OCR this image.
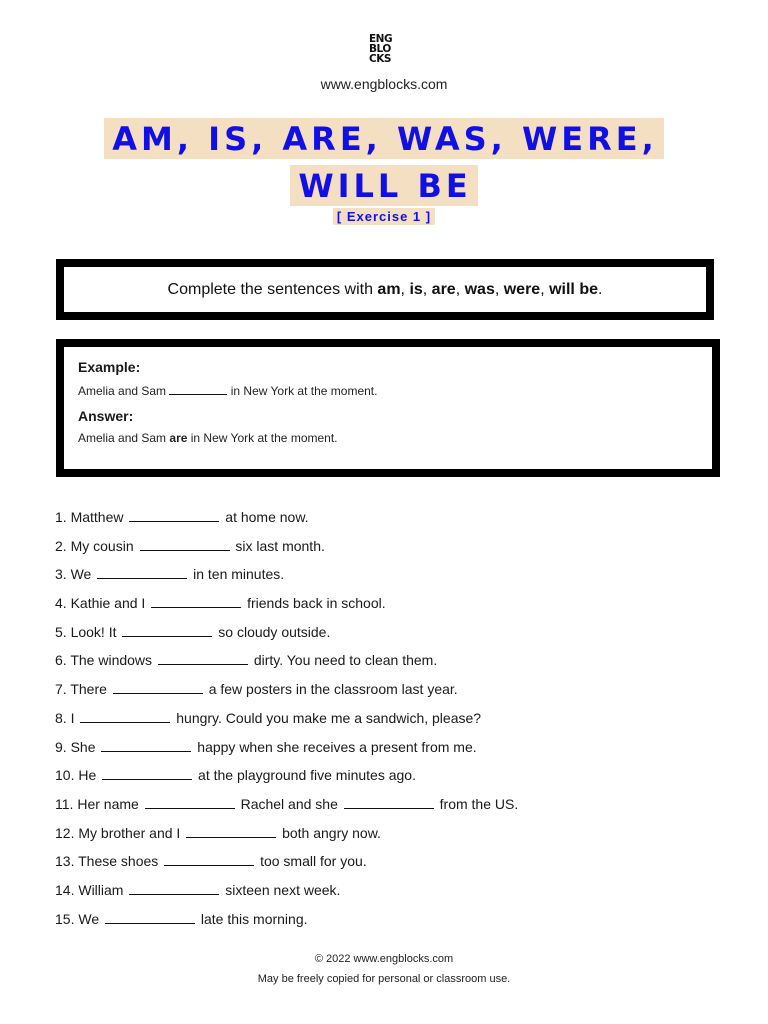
ENG
BLO
CKS
www.engblocks.com
AM, IS, ARE, WAS, WERE,
WILL BE
[ Exercise 1 ]
Complete the sentences with am, is, are, was, were, will be.

Example:

Amelia and Sam	in New York at the moment.

Answer:

Amelia and Sam are in New York at the moment.

1. Matthew	at home now.
2. My cousin	six last month.
3. We	in ten minutes.
4. Kathie and I	friends back in school.
5. Look! It	so cloudy outside.
6. The windows	dirty. You need to clean them.
7. There	a few posters in the classroom last year.
8. I	hungry. Could you make me a sandwich, please?
9. She	happy when she receives a present from me.
10. He	at the playground five minutes ago.
11. Her name	Rachel and she	from the US.
12. My brother and I	both angry now.
13. These shoes	too small for you.
14. William	sixteen next week.
15. We	late this morning.
© 2022 www.engblocks.com
May be freely copied for personal or classroom use.
